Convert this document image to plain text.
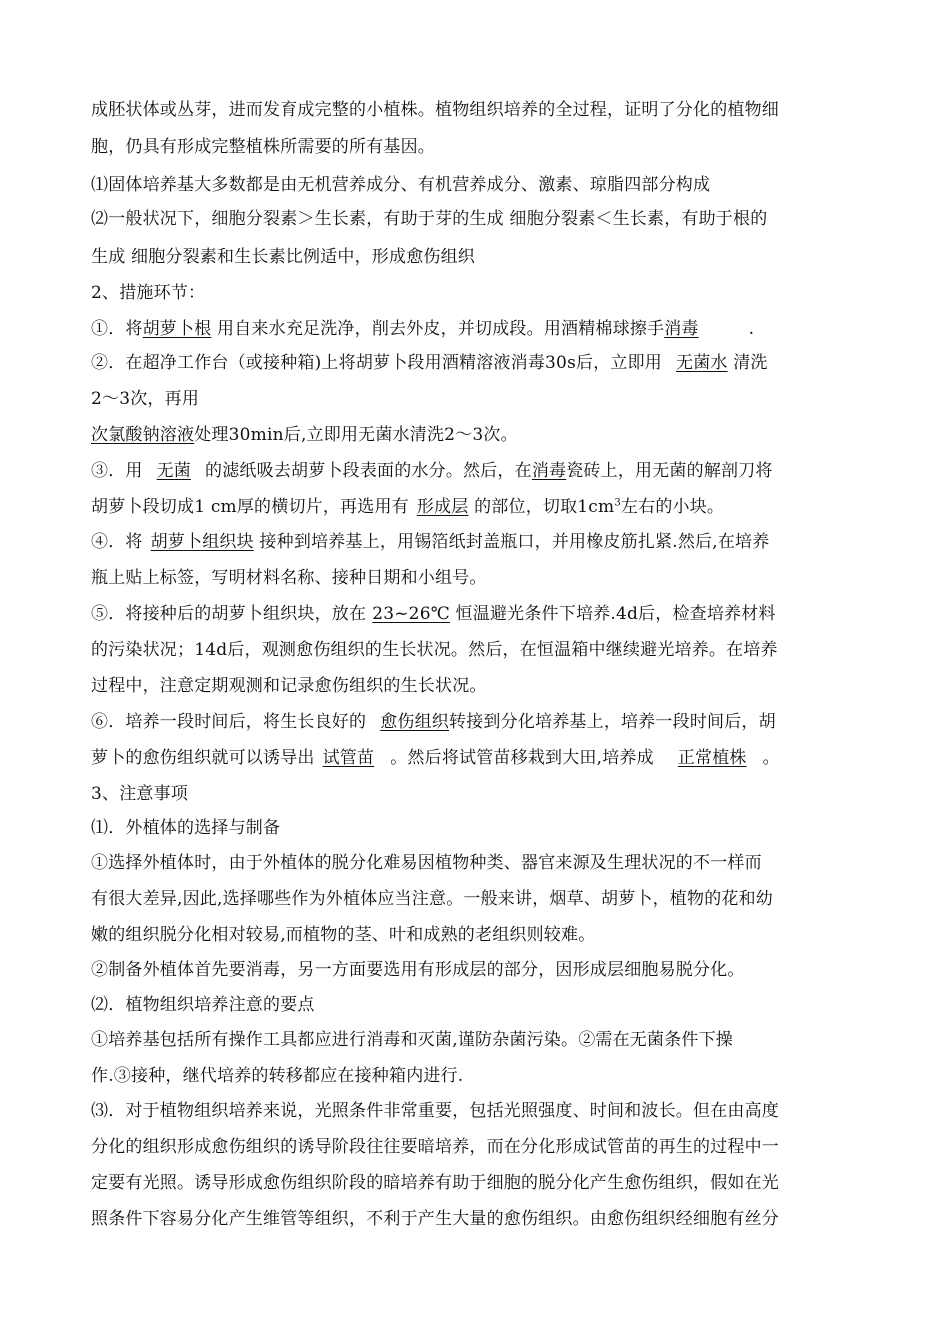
成胚状体或丛芽，进而发育成完整的小植株。植物组织培养的全过程，证明了分化的植物细
胞，仍具有形成完整植株所需要的所有基因。
⑴固体培养基大多数都是由无机营养成分、有机营养成分、激素、琼脂四部分构成
⑵一般状况下，细胞分裂素＞生长素，有助于芽的生成 细胞分裂素＜生长素，有助于根的
生成 细胞分裂素和生长素比例适中，形成愈伤组织
2、措施环节：
①．将胡萝卜根 用自来水充足洗净，削去外皮，并切成段。用酒精棉球擦手消毒	.
②．在超净工作台（或接种箱)上将胡萝卜段用酒精溶液消毒30s后，立即用 无菌水 清洗
2～3次，再用
次氯酸钠溶液处理30min后,立即用无菌水清洗2～3次。
③．用 无菌 的滤纸吸去胡萝卜段表面的水分。然后，在消毒瓷砖上，用无菌的解剖刀将
胡萝卜段切成1 cm厚的横切片，再选用有 形成层 的部位，切取$1cm^3$左右的小块。
④．将 胡萝卜组织块 接种到培养基上，用锡箔纸封盖瓶口，并用橡皮筋扎紧.然后,在培养
瓶上贴上标签，写明材料名称、接种日期和小组号。
⑤．将接种后的胡萝卜组织块，放在 23~26℃ 恒温避光条件下培养.4d后，检查培养材料
的污染状况；14d后，观测愈伤组织的生长状况。然后，在恒温箱中继续避光培养。在培养
过程中，注意定期观测和记录愈伤组织的生长状况。
⑥．培养一段时间后，将生长良好的 愈伤组织转接到分化培养基上，培养一段时间后，胡
萝卜的愈伤组织就可以诱导出 试管苗 。然后将试管苗移栽到大田,培养成 正常植株 。
3、注意事项
⑴．外植体的选择与制备
①选择外植体时，由于外植体的脱分化难易因植物种类、器官来源及生理状况的不一样而
有很大差异,因此,选择哪些作为外植体应当注意。一般来讲，烟草、胡萝卜，植物的花和幼
嫩的组织脱分化相对较易,而植物的茎、叶和成熟的老组织则较难。
②制备外植体首先要消毒，另一方面要选用有形成层的部分，因形成层细胞易脱分化。
⑵．植物组织培养注意的要点
①培养基包括所有操作工具都应进行消毒和灭菌,谨防杂菌污染。②需在无菌条件下操
作.③接种，继代培养的转移都应在接种箱内进行.
⑶．对于植物组织培养来说，光照条件非常重要，包括光照强度、时间和波长。但在由高度
分化的组织形成愈伤组织的诱导阶段往往要暗培养，而在分化形成试管苗的再生的过程中一
定要有光照。诱导形成愈伤组织阶段的暗培养有助于细胞的脱分化产生愈伤组织，假如在光
照条件下容易分化产生维管等组织，不利于产生大量的愈伤组织。由愈伤组织经细胞有丝分
